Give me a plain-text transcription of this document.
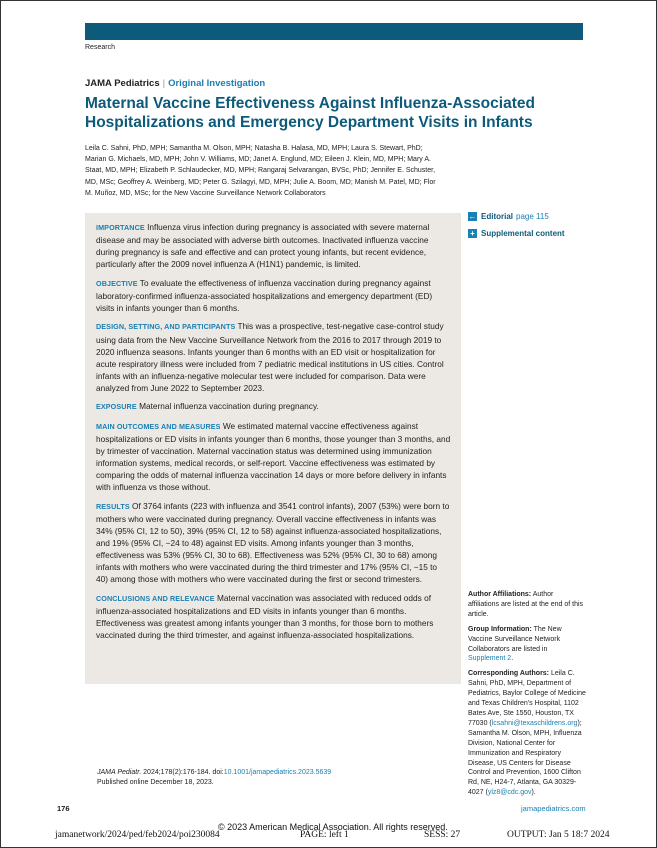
Research
JAMA Pediatrics | Original Investigation
Maternal Vaccine Effectiveness Against Influenza-Associated Hospitalizations and Emergency Department Visits in Infants
Leila C. Sahni, PhD, MPH; Samantha M. Olson, MPH; Natasha B. Halasa, MD, MPH; Laura S. Stewart, PhD; Marian G. Michaels, MD, MPH; John V. Williams, MD; Janet A. Englund, MD; Eileen J. Klein, MD, MPH; Mary A. Staat, MD, MPH; Elizabeth P. Schlaudecker, MD, MPH; Rangaraj Selvarangan, BVSc, PhD; Jennifer E. Schuster, MD, MSc; Geoffrey A. Weinberg, MD; Peter G. Szilagyi, MD, MPH; Julie A. Boom, MD; Manish M. Patel, MD; Flor M. Muñoz, MD, MSc; for the New Vaccine Surveillance Network Collaborators

IMPORTANCE Influenza virus infection during pregnancy is associated with severe maternal disease and may be associated with adverse birth outcomes. Inactivated influenza vaccine during pregnancy is safe and effective and can protect young infants, but recent evidence, particularly after the 2009 novel influenza A (H1N1) pandemic, is limited.

OBJECTIVE To evaluate the effectiveness of influenza vaccination during pregnancy against laboratory-confirmed influenza-associated hospitalizations and emergency department (ED) visits in infants younger than 6 months.

DESIGN, SETTING, AND PARTICIPANTS This was a prospective, test-negative case-control study using data from the New Vaccine Surveillance Network from the 2016 to 2017 through 2019 to 2020 influenza seasons. Infants younger than 6 months with an ED visit or hospitalization for acute respiratory illness were included from 7 pediatric medical institutions in US cities. Control infants with an influenza-negative molecular test were included for comparison. Data were analyzed from June 2022 to September 2023.

EXPOSURE Maternal influenza vaccination during pregnancy.

MAIN OUTCOMES AND MEASURES We estimated maternal vaccine effectiveness against hospitalizations or ED visits in infants younger than 6 months, those younger than 3 months, and by trimester of vaccination. Maternal vaccination status was determined using immunization information systems, medical records, or self-report. Vaccine effectiveness was estimated by comparing the odds of maternal influenza vaccination 14 days or more before delivery in infants with influenza vs those without.

RESULTS Of 3764 infants (223 with influenza and 3541 control infants), 2007 (53%) were born to mothers who were vaccinated during pregnancy. Overall vaccine effectiveness in infants was 34% (95% CI, 12 to 50), 39% (95% CI, 12 to 58) against influenza-associated hospitalizations, and 19% (95% CI, −24 to 48) against ED visits. Among infants younger than 3 months, effectiveness was 53% (95% CI, 30 to 68). Effectiveness was 52% (95% CI, 30 to 68) among infants with mothers who were vaccinated during the third trimester and 17% (95% CI, −15 to 40) among those with mothers who were vaccinated during the first or second trimesters.

CONCLUSIONS AND RELEVANCE Maternal vaccination was associated with reduced odds of influenza-associated hospitalizations and ED visits in infants younger than 6 months. Effectiveness was greatest among infants younger than 3 months, for those born to mothers vaccinated during the third trimester, and against influenza-associated hospitalizations.

← Editorial page 115
+ Supplemental content

Author Affiliations: Author affiliations are listed at the end of this article.

Group Information: The New Vaccine Surveillance Network Collaborators are listed in Supplement 2.

Corresponding Authors: Leila C. Sahni, PhD, MPH, Department of Pediatrics, Baylor College of Medicine and Texas Children's Hospital, 1102 Bates Ave, Ste 1550, Houston, TX 77030 (lcsahni@texaschildrens.org); Samantha M. Olson, MPH, Influenza Division, National Center for Immunization and Respiratory Disease, US Centers for Disease Control and Prevention, 1600 Clifton Rd, NE, H24-7, Atlanta, GA 30329-4027 (ylz8@cdc.gov).

JAMA Pediatr. 2024;178(2):176-184. doi:10.1001/jamapediatrics.2023.5639
Published online December 18, 2023.
176	jamapediatrics.com
© 2023 American Medical Association. All rights reserved.
jamanetwork/2024/ped/feb2024/poi230084	PAGE: left 1	SESS: 27	OUTPUT: Jan 5 18:7 2024
